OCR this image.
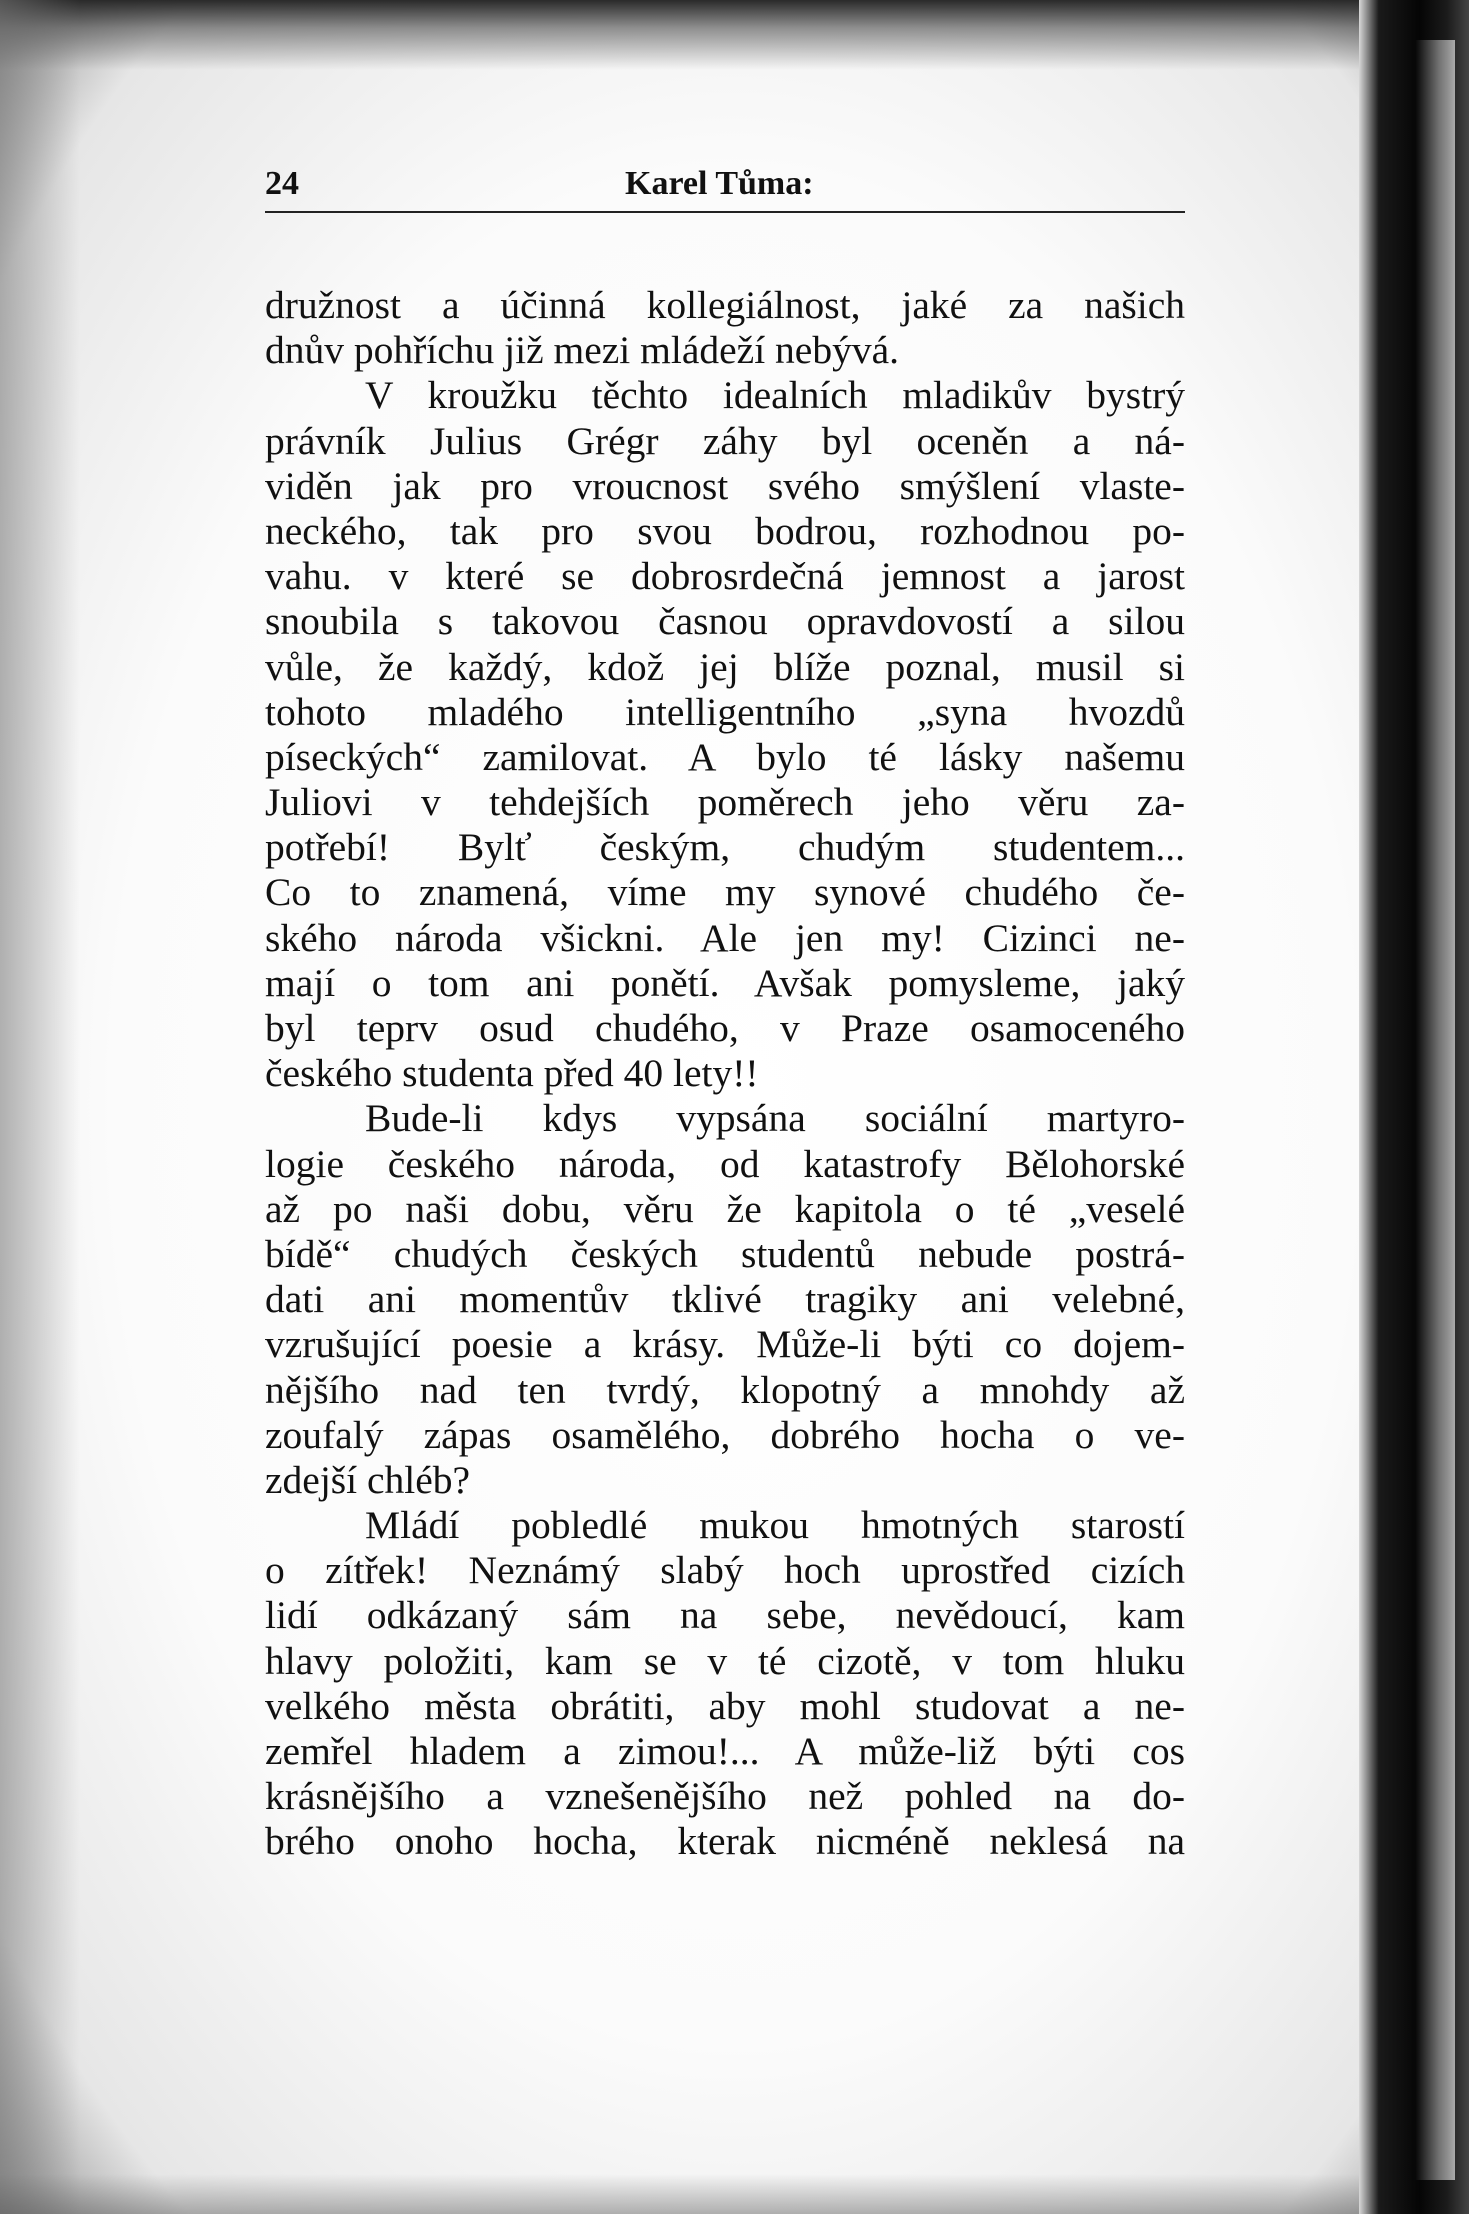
24	Karel Tůma:
družnost a účinná kollegiálnost, jaké za našich
dnův pohříchu již mezi mládeží nebývá.
V kroužku těchto idealních mladikův bystrý
právník Julius Grégr záhy byl oceněn a ná-
viděn jak pro vroucnost svého smýšlení vlaste-
neckého, tak pro svou bodrou, rozhodnou po-
vahu. v které se dobrosrdečná jemnost a jarost
snoubila s takovou časnou opravdovostí a silou
vůle, že každý, kdož jej blíže poznal, musil si
tohoto mladého intelligentního „syna hvozdů
píseckých“ zamilovat. A bylo té lásky našemu
Juliovi v tehdejších poměrech jeho věru za-
potřebí! Bylť českým, chudým studentem...
Co to znamená, víme my synové chudého če-
ského národa všickni. Ale jen my! Cizinci ne-
mají o tom ani ponětí. Avšak pomysleme, jaký
byl teprv osud chudého, v Praze osamoceného
českého studenta před 40 lety!!
Bude-li kdys vypsána sociální martyro-
logie českého národa, od katastrofy Bělohorské
až po naši dobu, věru že kapitola o té „veselé
bídě“ chudých českých studentů nebude postrá-
dati ani momentův tklivé tragiky ani velebné,
vzrušující poesie a krásy. Může-li býti co dojem-
nějšího nad ten tvrdý, klopotný a mnohdy až
zoufalý zápas osamělého, dobrého hocha o ve-
zdejší chléb?
Mládí pobledlé mukou hmotných starostí
o zítřek! Neznámý slabý hoch uprostřed cizích
lidí odkázaný sám na sebe, nevědoucí, kam
hlavy položiti, kam se v té cizotě, v tom hluku
velkého města obrátiti, aby mohl studovat a ne-
zemřel hladem a zimou!... A může-liž býti cos
krásnějšího a vznešenějšího než pohled na do-
brého onoho hocha, kterak nicméně neklesá na
